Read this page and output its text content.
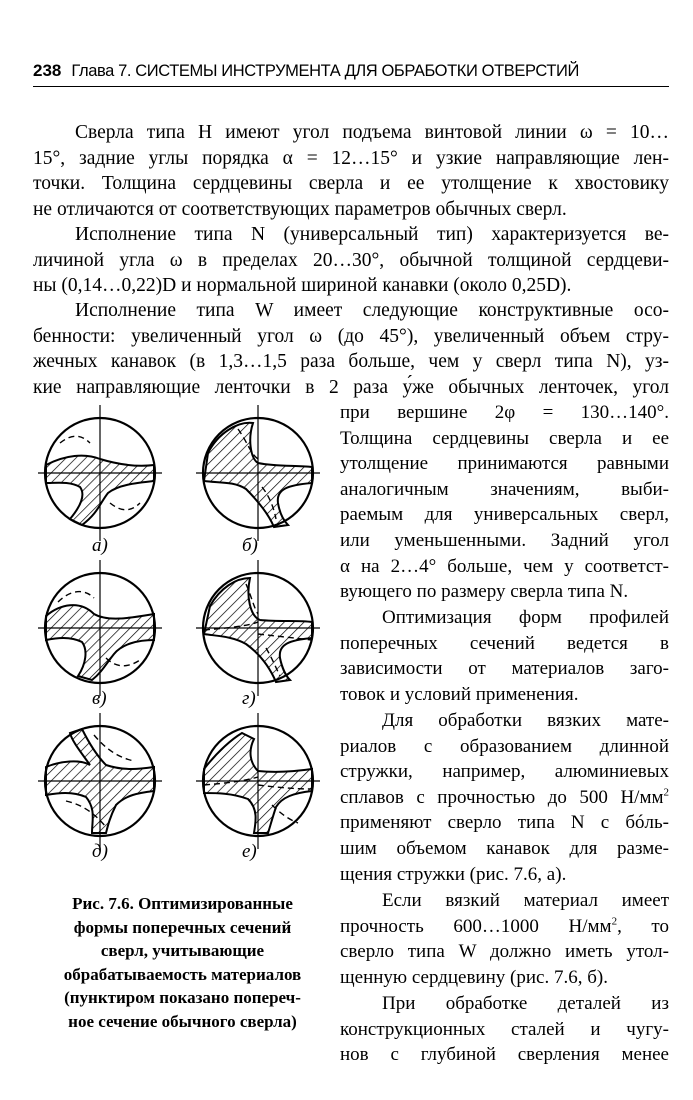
238 Глава 7. СИСТЕМЫ ИНСТРУМЕНТА ДЛЯ ОБРАБОТКИ ОТВЕРСТИЙ
Сверла типа Н имеют угол подъема винтовой линии ω = 10…
15°, задние углы порядка α = 12…15° и узкие направляющие лен-
точки. Толщина сердцевины сверла и ее утолщение к хвостовику
не отличаются от соответствующих параметров обычных сверл.
Исполнение типа N (универсальный тип) характеризуется ве-
личиной угла ω в пределах 20…30°, обычной толщиной сердцеви-
ны (0,14…0,22)D и нормальной шириной канавки (около 0,25D).
Исполнение типа W имеет следующие конструктивные осо-
бенности: увеличенный угол ω (до 45°), увеличенный объем стру-
жечных канавок (в 1,3…1,5 раза больше, чем у сверл типа N), уз-
кие направляющие ленточки в 2 раза у́же обычных ленточек, угол
при вершине 2φ = 130…140°.
Толщина сердцевины сверла и ее
утолщение принимаются равными
аналогичным значениям, выби-
раемым для универсальных сверл,
или уменьшенными. Задний угол
α на 2…4° больше, чем у соответст-
вующего по размеру сверла типа N.
Оптимизация форм профилей
поперечных сечений ведется в
зависимости от материалов заго-
товок и условий применения.
Для обработки вязких мате-
риалов с образованием длинной
стружки, например, алюминиевых
сплавов с прочностью до 500 $Н/мм^2$
применяют сверло типа N с бóль-
шим объемом канавок для разме-
щения стружки (рис. 7.6, а).
Если вязкий материал имеет
прочность 600…1000 $Н/мм^2$, то
сверло типа W должно иметь утол-
щенную сердцевину (рис. 7.6, б).
При обработке деталей из
конструкционных сталей и чугу-
нов с глубиной сверления менее
а)	б)
в)	г)
д)	е)
Рис. 7.6. Оптимизированные
формы поперечных сечений
сверл, учитывающие
обрабатываемость материалов
(пунктиром показано попереч-
ное сечение обычного сверла)
